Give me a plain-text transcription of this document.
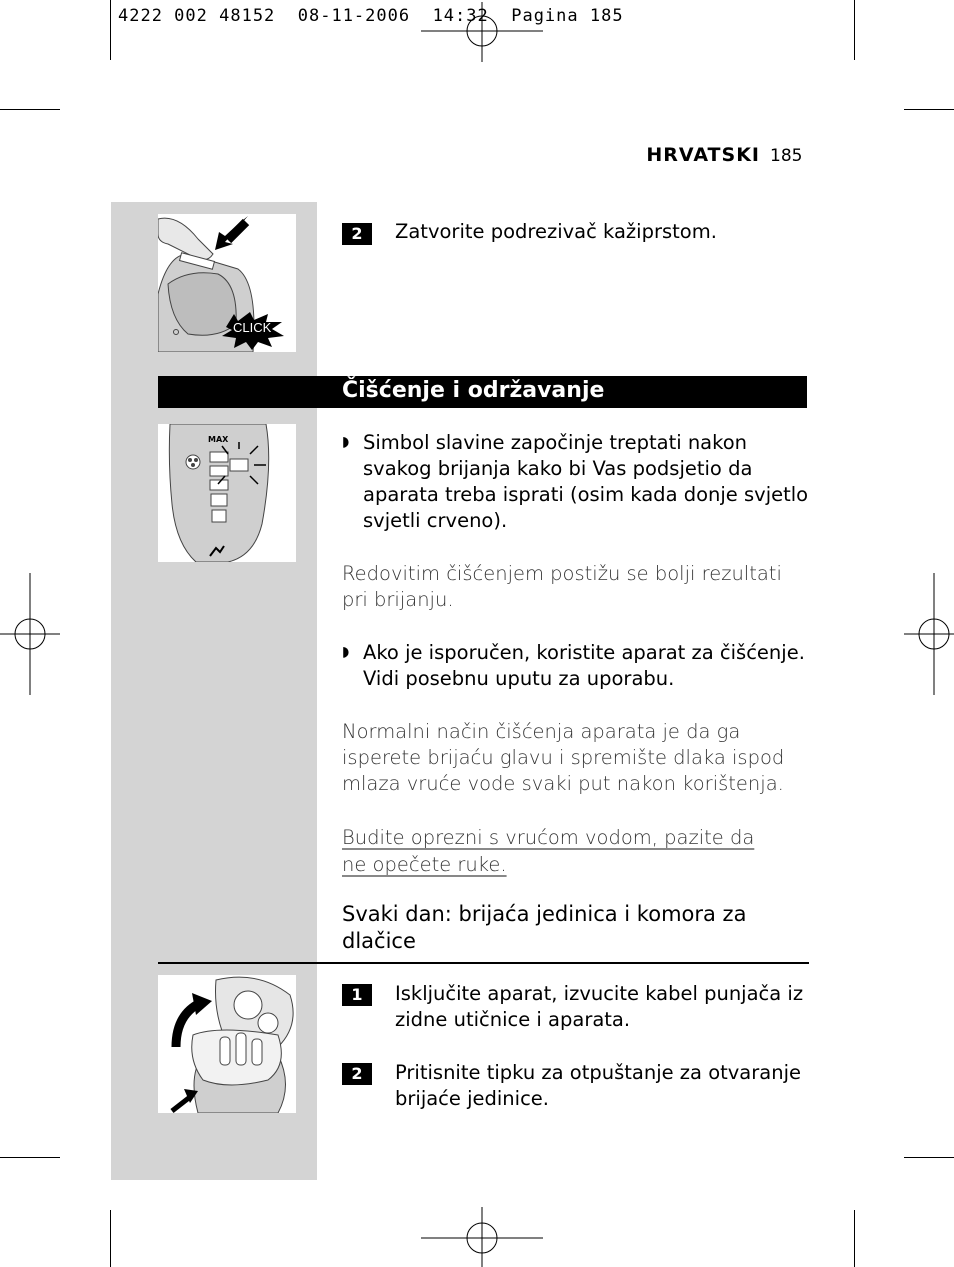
4222 002 48152  08-11-2006  14:32  Pagina 185
HRVATSKI 185
CLICK
2	Zatvorite podrezivač kažiprstom.
Čišćenje i održavanje
MAX	◗ Simbol slavine započinje treptati nakon svakog brijanja kako bi Vas podsjetio da aparata treba isprati (osim kada donje svjetlo svjetli crveno).
Redovitim čišćenjem postižu se bolji rezultati pri brijanju.
◗ Ako je isporučen, koristite aparat za čišćenje. Vidi posebnu uputu za uporabu.
Normalni način čišćenja aparata je da ga isperete brijaću glavu i spremište dlaka ispod mlaza vruće vode svaki put nakon korištenja.
Budite oprezni s vrućom vodom, pazite da ne opečete ruke.
Svaki dan: brijaća jedinica i komora za dlačice
1	Isključite aparat, izvucite kabel punjača iz zidne utičnice i aparata.
2	Pritisnite tipku za otpuštanje za otvaranje brijaće jedinice.
